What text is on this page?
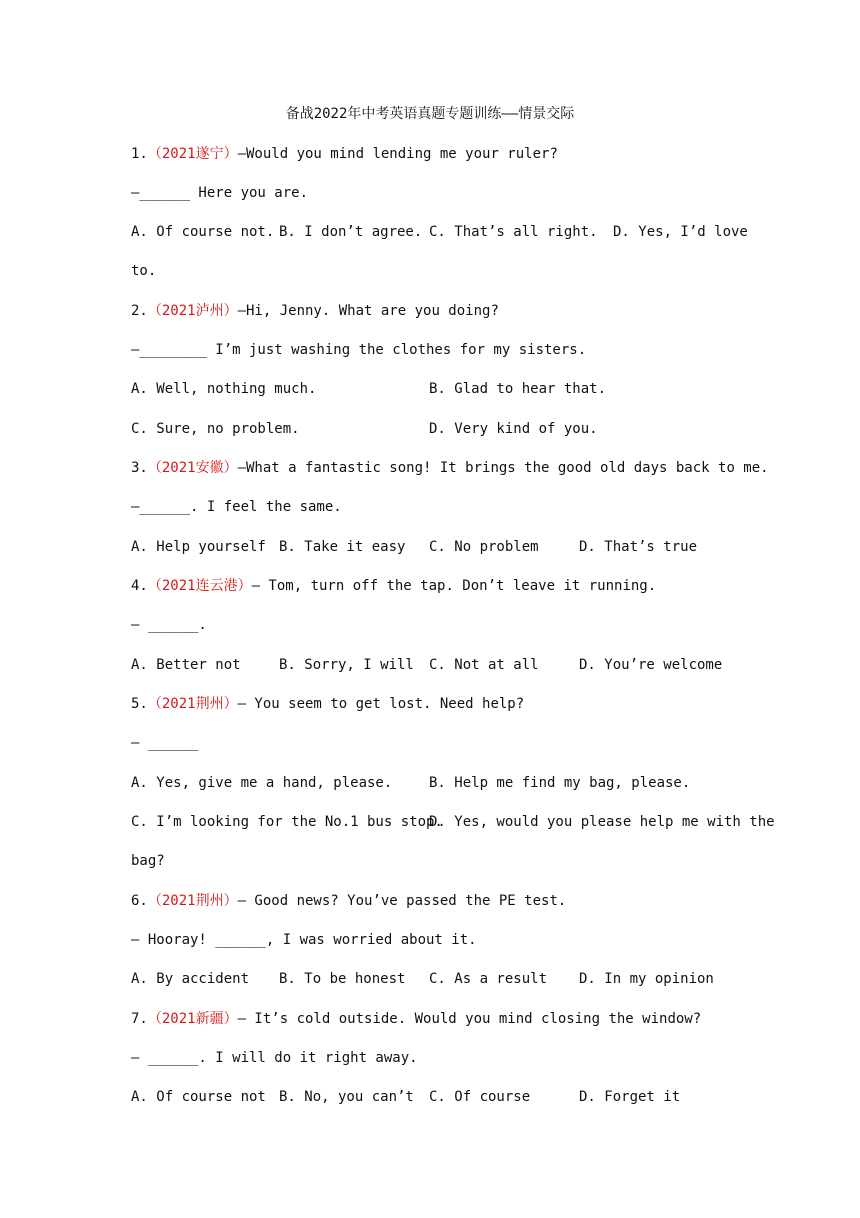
备战2022年中考英语真题专题训练——情景交际
1.（2021遂宁）—Would you mind lending me your ruler?
—______ Here you are.

A. Of course not.

B. I don’t agree.

C. That’s all right.

D. Yes, I’d love

to.
2.（2021泸州）—Hi, Jenny. What are you doing?
—________ I’m just washing the clothes for my sisters.

A. Well, nothing much.

	B. Glad to hear that.

C. Sure, no problem.

	D. Very kind of you.

3.（2021安徽）—What a fantastic song! It brings the good old days back to me.
—______. I feel the same.

A. Help yourself

B. Take it easy

C. No problem

	D. That’s true

4.（2021连云港）— Tom, turn off the tap. Don’t leave it running.
— ______.

A. Better not

	B. Sorry, I will

C. Not at all

	D. You’re welcome

5.（2021荆州）— You seem to get lost. Need help?
— ______

A. Yes, give me a hand, please.

	B. Help me find my bag, please.

C. I’m looking for the No.1 bus stop.

D. Yes, would you please help me with the

bag?
6.（2021荆州）— Good news? You’ve passed the PE test.
— Hooray! ______, I was worried about it.

A. By accident

B. To be honest

C. As a result

D. In my opinion

7.（2021新疆）— It’s cold outside. Would you mind closing the window?
— ______. I will do it right away.

A. Of course not

B. No, you can’t

C. Of course

	D. Forget it
